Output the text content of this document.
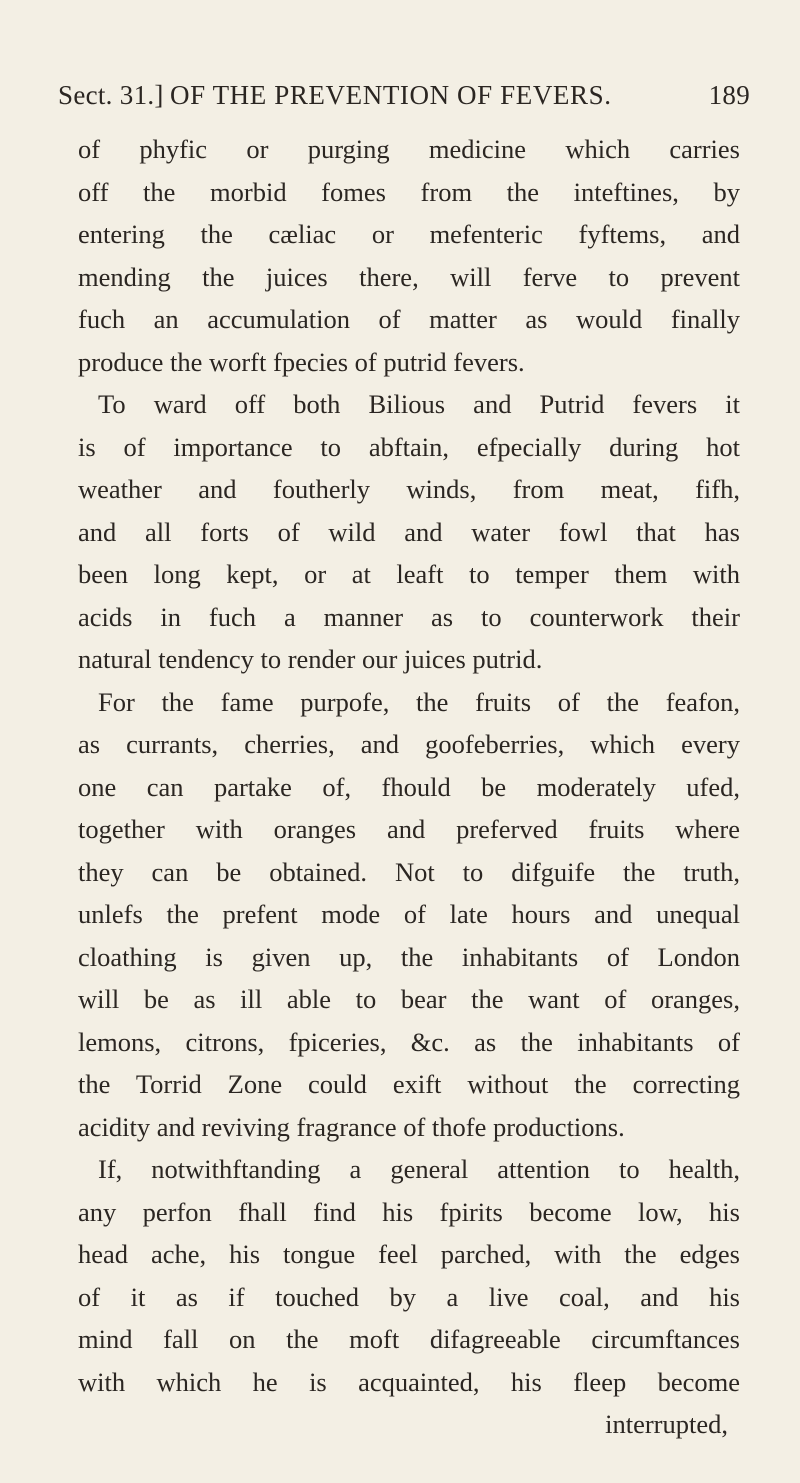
Sect. 31.] OF THE PREVENTION OF FEVERS.	189
of phyfic or purging medicine which carries
off the morbid fomes from the inteftines, by
entering the cæliac or mefenteric fyftems, and
mending the juices there, will ferve to prevent
fuch an accumulation of matter as would finally
produce the worft fpecies of putrid fevers.
To ward off both Bilious and Putrid fevers it
is of importance to abftain, efpecially during hot
weather and foutherly winds, from meat, fifh,
and all forts of wild and water fowl that has
been long kept, or at leaft to temper them with
acids in fuch a manner as to counterwork their
natural tendency to render our juices putrid.
For the fame purpofe, the fruits of the feafon,
as currants, cherries, and goofeberries, which every
one can partake of, fhould be moderately ufed,
together with oranges and preferved fruits where
they can be obtained. Not to difguife the truth,
unlefs the prefent mode of late hours and unequal
cloathing is given up, the inhabitants of London
will be as ill able to bear the want of oranges,
lemons, citrons, fpiceries, &c. as the inhabitants of
the Torrid Zone could exift without the correcting
acidity and reviving fragrance of thofe productions.
If, notwithftanding a general attention to health,
any perfon fhall find his fpirits become low, his
head ache, his tongue feel parched, with the edges
of it as if touched by a live coal, and his
mind fall on the moft difagreeable circumftances
with which he is acquainted, his fleep become
interrupted,
